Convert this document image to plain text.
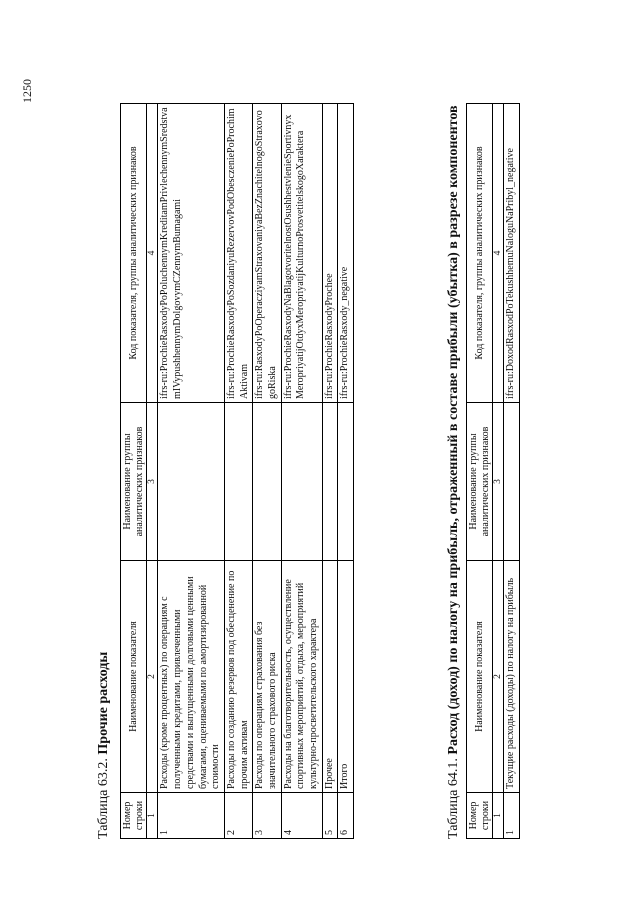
1250
Таблица 63.2. Прочие расходы
Номер строки	Наименование показателя	Наименование группы аналитических признаков	Код показателя, группы аналитических признаков
1	2	3	4
1	Расходы (кроме процентных) по операциям с полученными кредитами, привлеченными средствами и выпущенными долговыми ценными бумагами, оцениваемыми по амортизированной стоимости		ifrs-ru:ProchieRasxodyPoPoluchennymKreditamPrivlechennymSredstvamIVypushhennymDolgovymCZennymBumagami
2	Расходы по созданию резервов под обесценение по прочим активам		ifrs-ru:ProchieRasxodyPoSozdaniyuRezervovPodObesczeniePoProchimAktivam
3	Расходы по операциям страхования без значительного страхового риска		ifrs-ru:RasxodyPoOperacziyamStraxovaniyaBezZnachitelnogoStraxovogoRiska
4	Расходы на благотворительность, осуществление спортивных мероприятий, отдыха, мероприятий культурно-просветительского характера		ifrs-ru:ProchieRasxodyNaBlagotvoritelnostOsushhestvlenieSportivnyxMeropriyatijOtdyxMeropriyatijKulturnoProsvetitelskogoXaraktera
5	Прочее		ifrs-ru:ProchieRasxodyProchee
6	Итого		ifrs-ru:ProchieRasxody_negative
Таблица 64.1. Расход (доход) по налогу на прибыль, отраженный в составе прибыли (убытка) в разрезе компонентов
Номер строки	Наименование показателя	Наименование группы аналитических признаков	Код показателя, группы аналитических признаков
1	2	3	4
1	Текущие расходы (доходы) по налогу на прибыль		ifrs-ru:DoxodRasxodPoTekushhemuNaloguNaPribyl_negative
